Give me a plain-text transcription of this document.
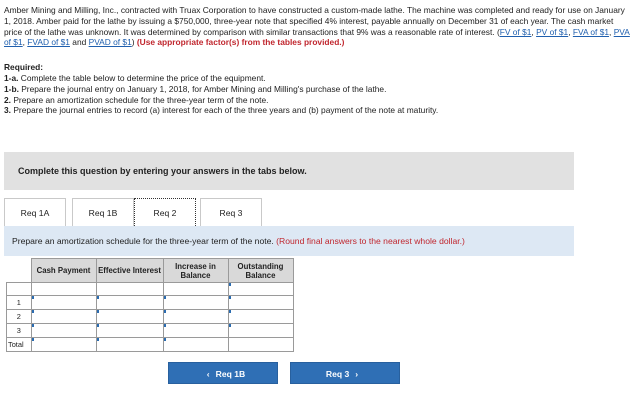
Amber Mining and Milling, Inc., contracted with Truax Corporation to have constructed a custom-made lathe. The machine was completed and ready for use on January 1, 2018. Amber paid for the lathe by issuing a $750,000, three-year note that specified 4% interest, payable annually on December 31 of each year. The cash market price of the lathe was unknown. It was determined by comparison with similar transactions that 9% was a reasonable rate of interest. (FV of $1, PV of $1, FVA of $1, PVA of $1, FVAD of $1 and PVAD of $1) (Use appropriate factor(s) from the tables provided.)

Required:

1-a. Complete the table below to determine the price of the equipment.

1-b. Prepare the journal entry on January 1, 2018, for Amber Mining and Milling's purchase of the lathe.

2. Prepare an amortization schedule for the three-year term of the note.

3. Prepare the journal entries to record (a) interest for each of the three years and (b) payment of the note at maturity.

Complete this question by entering your answers in the tabs below.
Req 1A	Req 1B	Req 2	Req 3
Prepare an amortization schedule for the three-year term of the note. (Round final answers to the nearest whole dollar.)
	Cash Payment	Effective Interest	Increase in Balance	Outstanding Balance

1				
2				
3				
Total				
‹ Req 1B	Req 3 ›
